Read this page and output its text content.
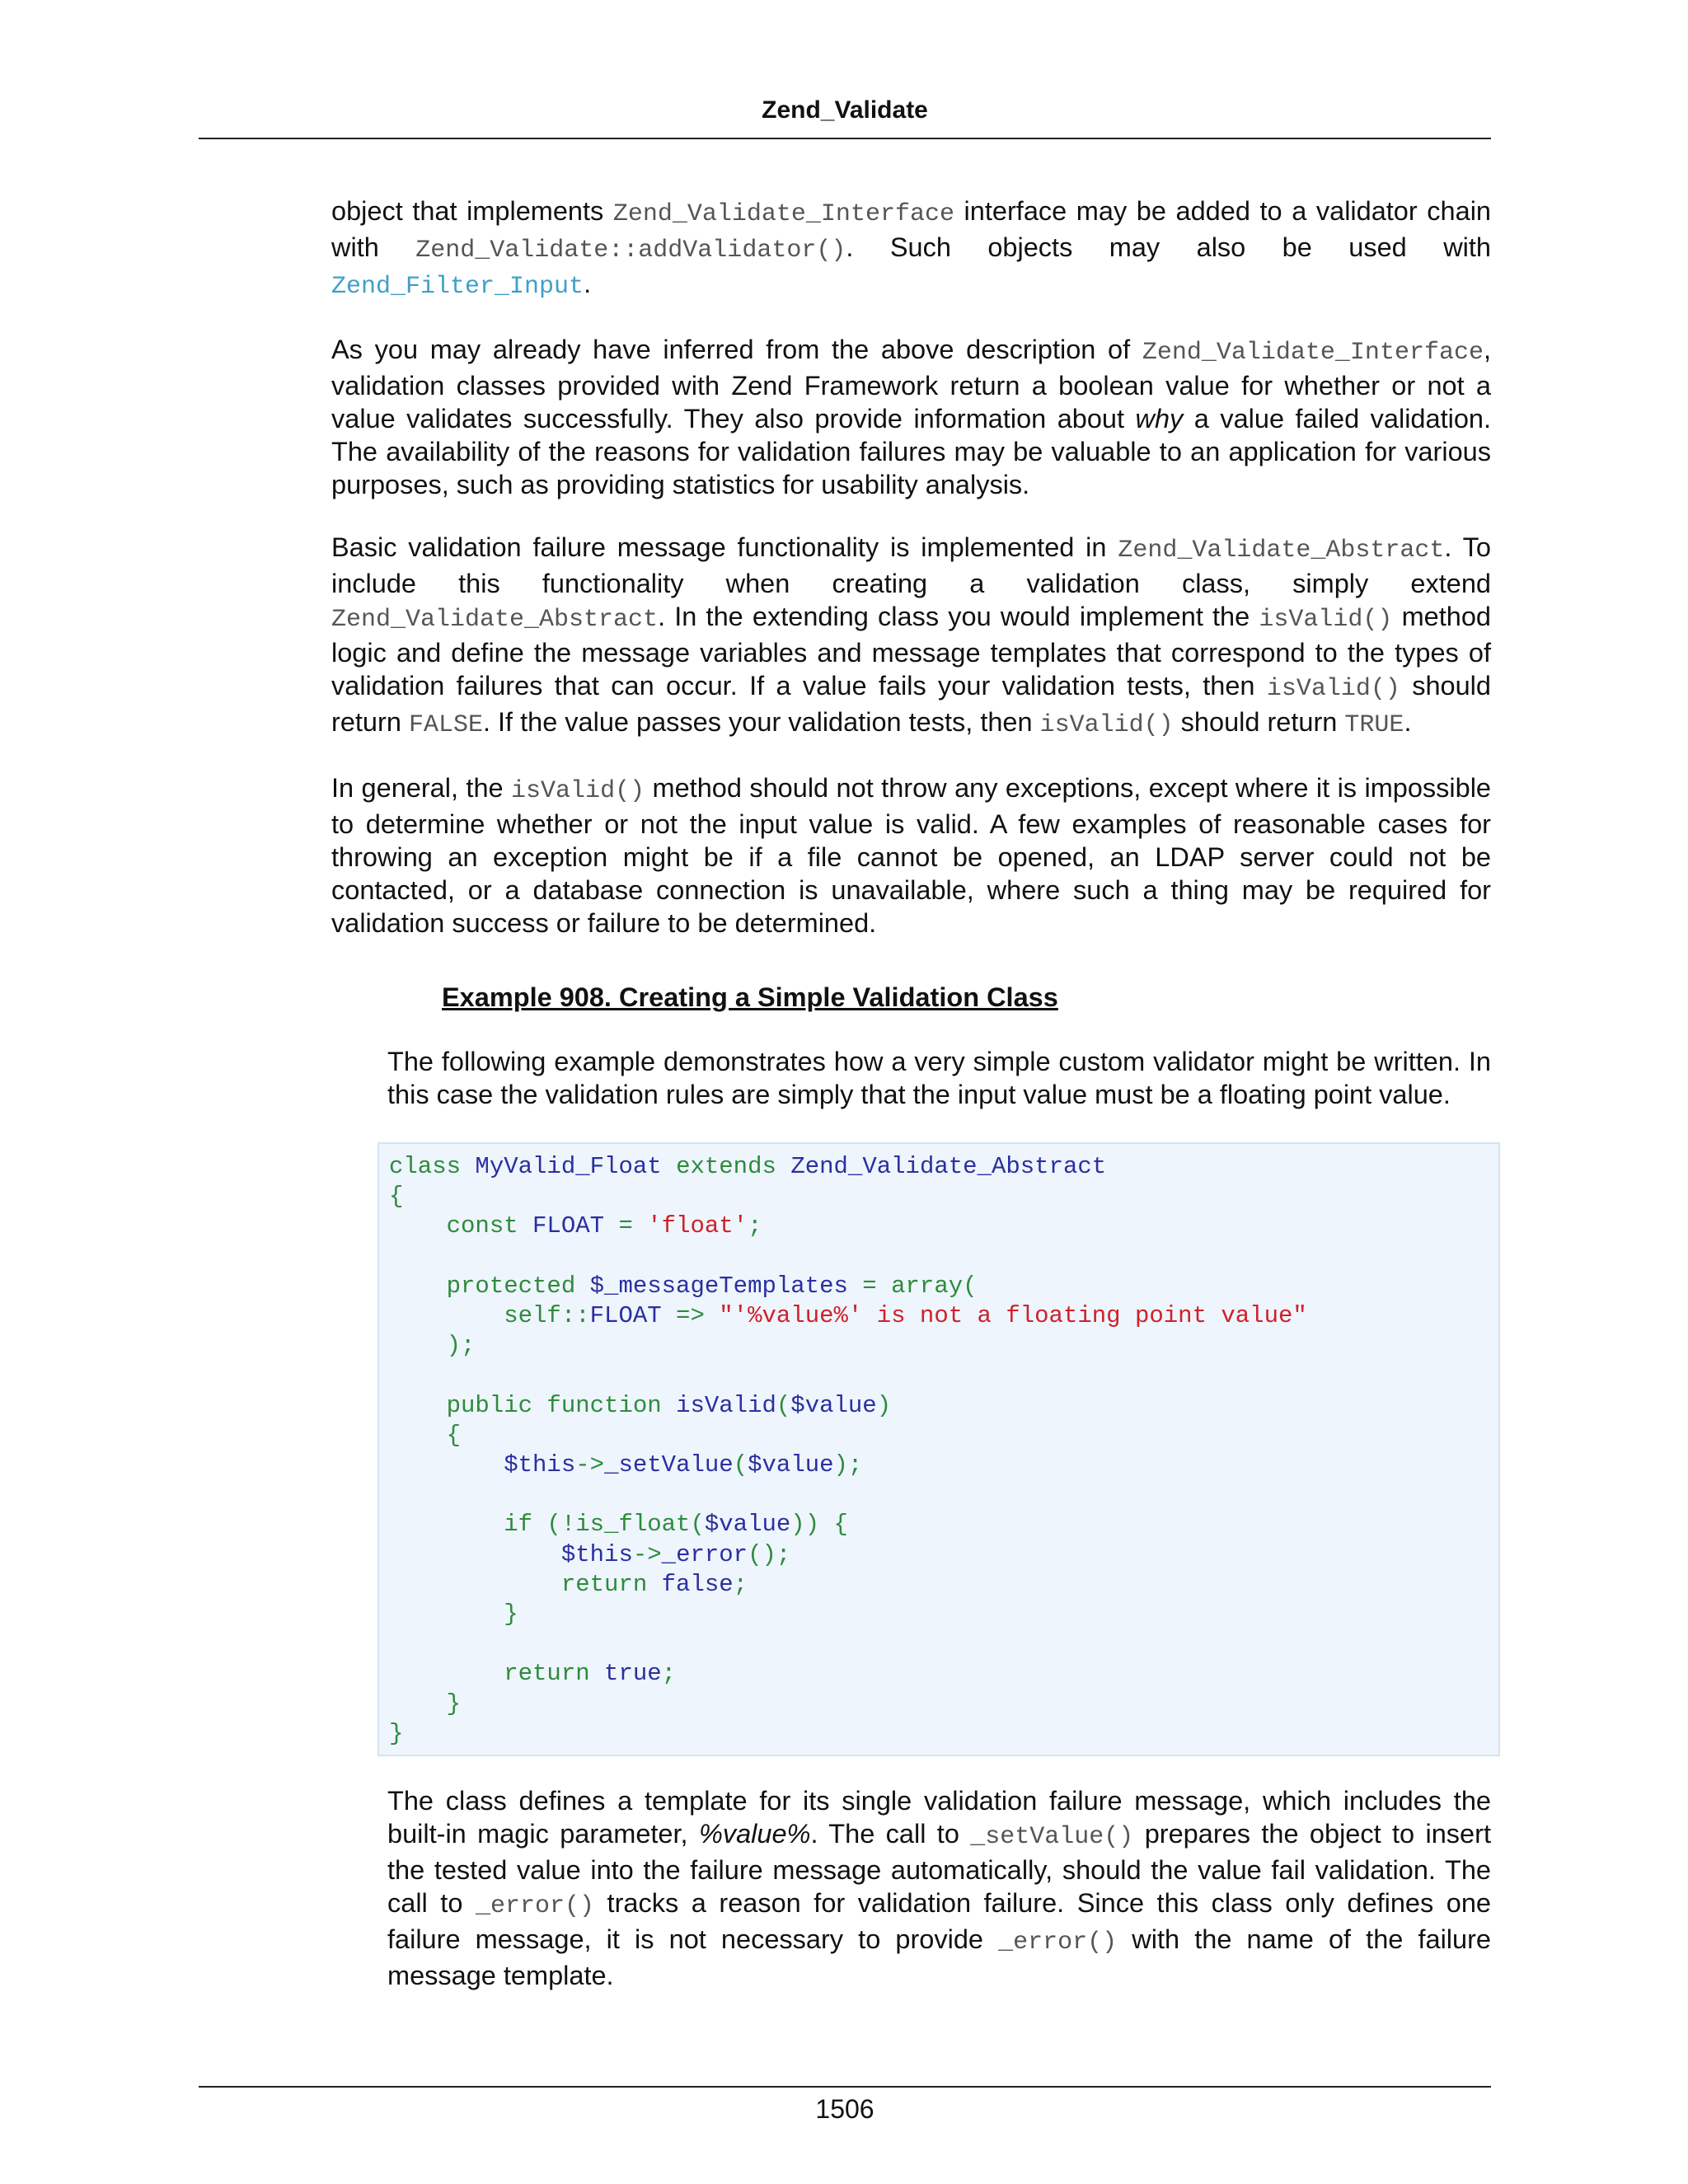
Zend_Validate

object that implements Zend_Validate_Interface interface may be added to a validator chain with Zend_Validate::addValidator(). Such objects may also be used with Zend_Filter_Input.

As you may already have inferred from the above description of Zend_Validate_Interface, validation classes provided with Zend Framework return a boolean value for whether or not a value validates successfully. They also provide information about why a value failed validation. The availability of the reasons for validation failures may be valuable to an application for various purposes, such as providing statistics for usability analysis.

Basic validation failure message functionality is implemented in Zend_Validate_Abstract. To include this functionality when creating a validation class, simply extend Zend_Validate_Abstract. In the extending class you would implement the isValid() method logic and define the message variables and message templates that correspond to the types of validation failures that can occur. If a value fails your validation tests, then isValid() should return FALSE. If the value passes your validation tests, then isValid() should return TRUE.

In general, the isValid() method should not throw any exceptions, except where it is impossible to determine whether or not the input value is valid. A few examples of reasonable cases for throwing an exception might be if a file cannot be opened, an LDAP server could not be contacted, or a database connection is unavailable, where such a thing may be required for validation success or failure to be determined.

Example 908. Creating a Simple Validation Class

The following example demonstrates how a very simple custom validator might be written. In this case the validation rules are simply that the input value must be a floating point value.

class MyValid_Float extends Zend_Validate_Abstract
{
const FLOAT = 'float';

protected $_messageTemplates = array(
self::FLOAT => "'%value%' is not a floating point value"
);

public function isValid($value)
{
$this->_setValue($value);

if (!is_float($value)) {
$this->_error();
return false;
}

return true;
}
}

The class defines a template for its single validation failure message, which includes the built-in magic parameter, %value%. The call to _setValue() prepares the object to insert the tested value into the failure message automatically, should the value fail validation. The call to _error() tracks a reason for validation failure. Since this class only defines one failure message, it is not necessary to provide _error() with the name of the failure message template.

1506
